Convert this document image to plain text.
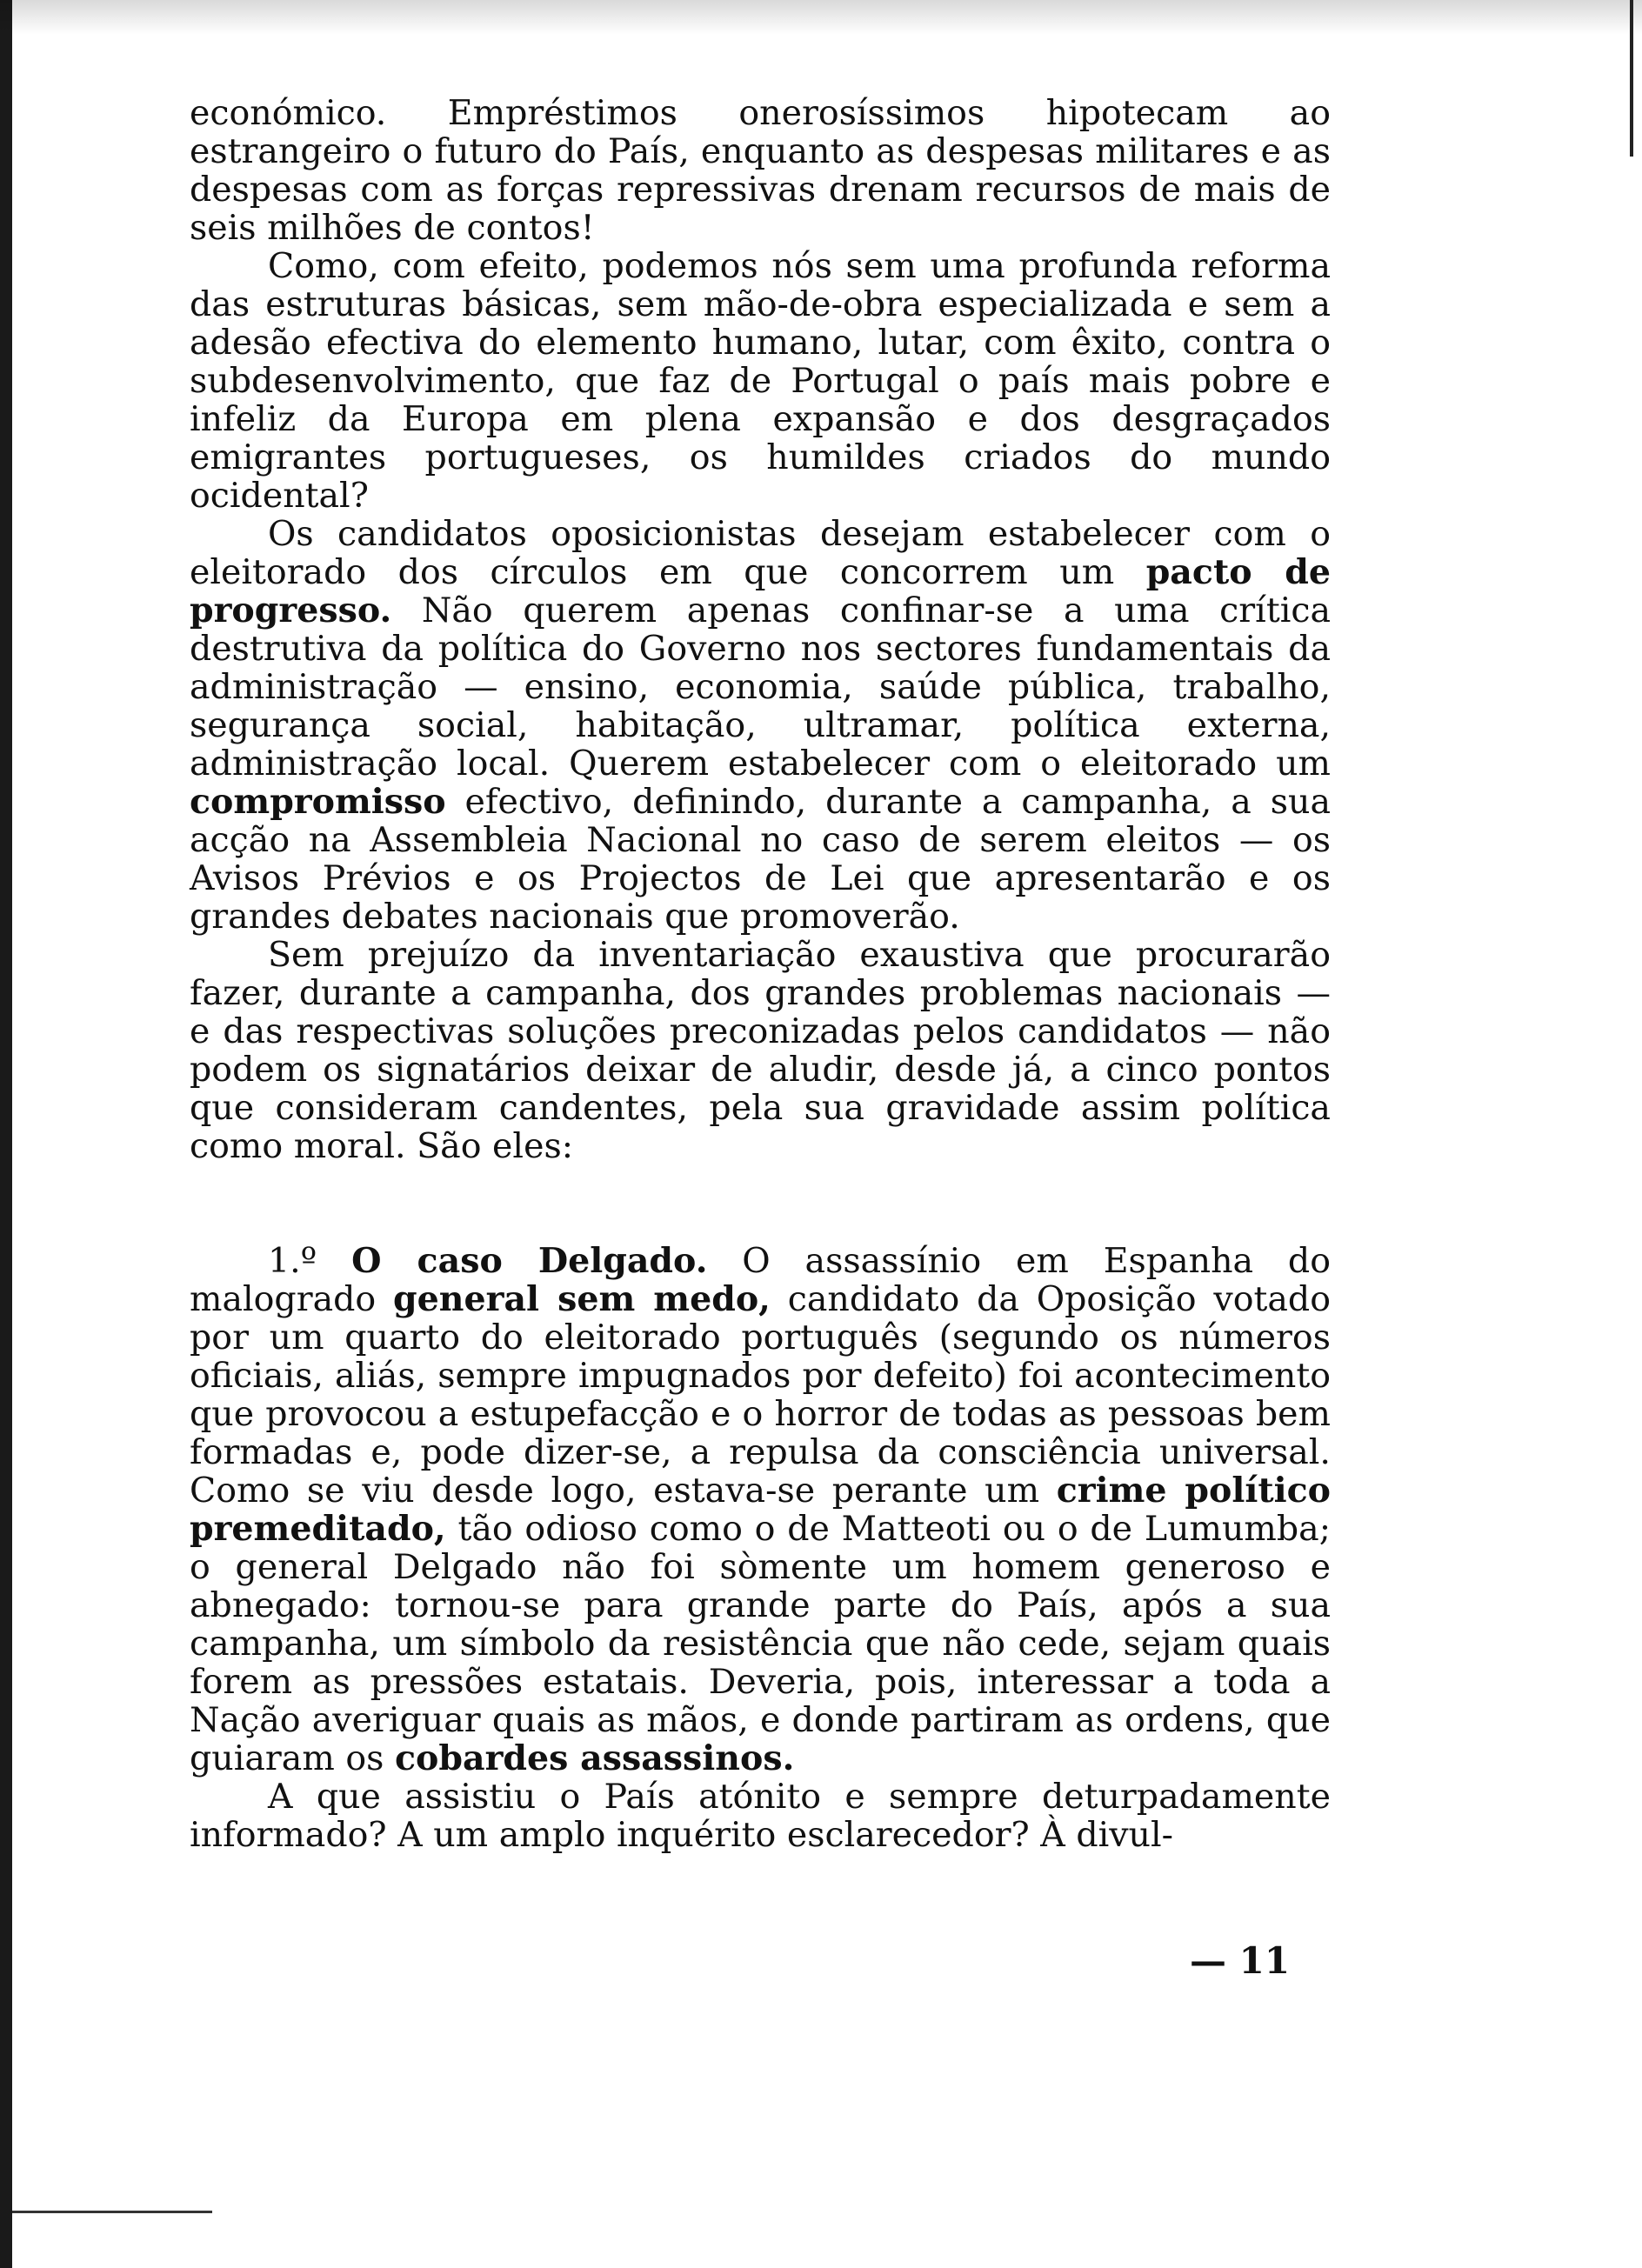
económico. Empréstimos onerosíssimos hipotecam ao estrangeiro o futuro do País, enquanto as despesas militares e as despesas com as forças repressivas drenam recursos de mais de seis milhões de contos!

Como, com efeito, podemos nós sem uma profunda reforma das estruturas básicas, sem mão-de-obra especializada e sem a adesão efectiva do elemento humano, lutar, com êxito, contra o subdesenvolvimento, que faz de Portugal o país mais pobre e infeliz da Europa em plena expansão e dos desgraçados emigrantes portugueses, os humildes criados do mundo ocidental?

Os candidatos oposicionistas desejam estabelecer com o eleitorado dos círculos em que concorrem um pacto de progresso. Não querem apenas confinar-se a uma crítica destrutiva da política do Governo nos sectores fundamentais da administração — ensino, economia, saúde pública, trabalho, segurança social, habitação, ultramar, política externa, administração local. Querem estabelecer com o eleitorado um compromisso efectivo, definindo, durante a campanha, a sua acção na Assembleia Nacional no caso de serem eleitos — os Avisos Prévios e os Projectos de Lei que apresentarão e os grandes debates nacionais que promoverão.

Sem prejuízo da inventariação exaustiva que procurarão fazer, durante a campanha, dos grandes problemas nacionais — e das respectivas soluções preconizadas pelos candidatos — não podem os signatários deixar de aludir, desde já, a cinco pontos que consideram candentes, pela sua gravidade assim política como moral. São eles:

1.º O caso Delgado. O assassínio em Espanha do malogrado general sem medo, candidato da Oposição votado por um quarto do eleitorado português (segundo os números oficiais, aliás, sempre impugnados por defeito) foi acontecimento que provocou a estupefacção e o horror de todas as pessoas bem formadas e, pode dizer-se, a repulsa da consciência universal. Como se viu desde logo, estava-se perante um crime político premeditado, tão odioso como o de Matteoti ou o de Lumumba; o general Delgado não foi sòmente um homem generoso e abnegado: tornou-se para grande parte do País, após a sua campanha, um símbolo da resistência que não cede, sejam quais forem as pressões estatais. Deveria, pois, interessar a toda a Nação averiguar quais as mãos, e donde partiram as ordens, que guiaram os cobardes assassinos.

A que assistiu o País atónito e sempre deturpadamente informado? A um amplo inquérito esclarecedor? À divul-

— 11
